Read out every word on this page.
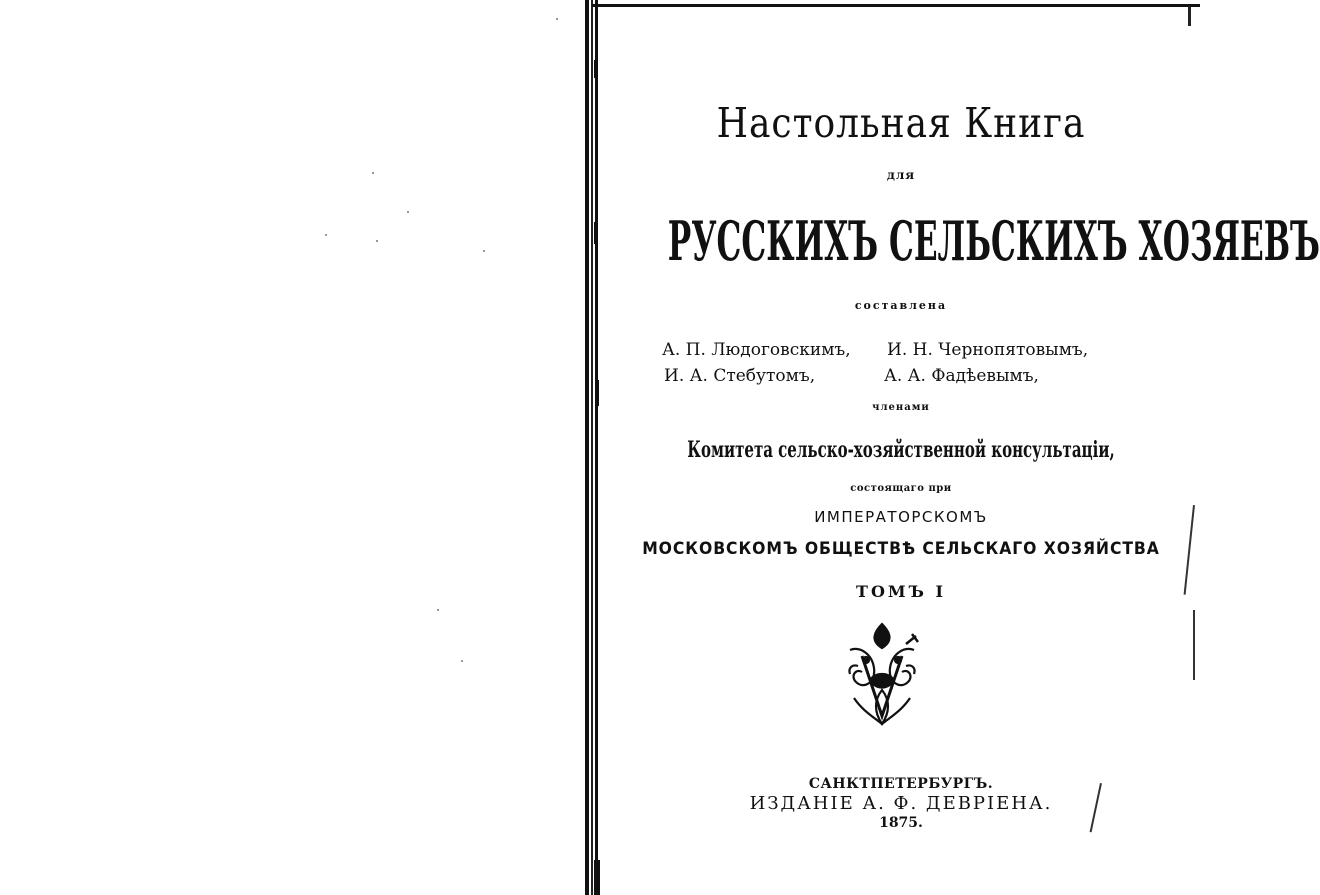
Настольная Книга
для
РУССКИХЪ СЕЛЬСКИХЪ ХОЗЯЕВЪ
составлена
А. П. Людоговскимъ, И. Н. Чернопятовымъ,
И. А. Стебутомъ,	А. А. Фадѣевымъ,
членами
Комитета сельско-хозяйственной консультаціи,
состоящаго при
ИМПЕРАТОРСКОМЪ
МОСКОВСКОМЪ ОБЩЕСТВѢ СЕЛЬСКАГО ХОЗЯЙСТВА
ТОМЪ I
САНКТПЕТЕРБУРГЪ.
ИЗДАНІЕ А. Ф. ДЕВРІЕНА.
1875.
